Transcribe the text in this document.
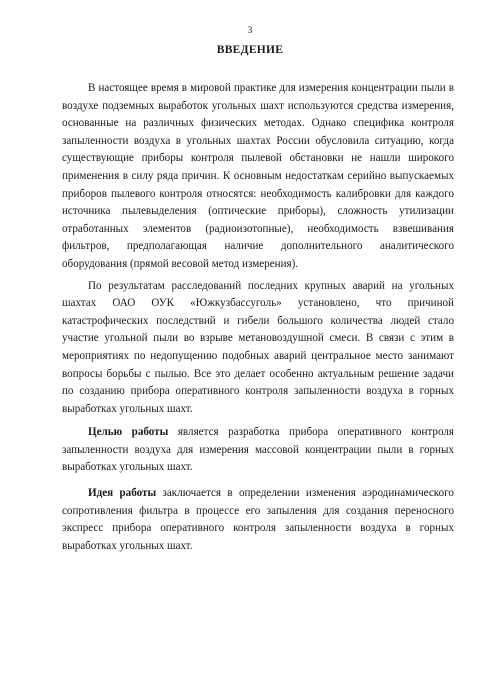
3
ВВЕДЕНИЕ

В настоящее время в мировой практике для измерения концентрации пыли в воздухе подземных выработок угольных шахт используются средства измерения, основанные на различных физических методах. Однако специфика контроля запыленности воздуха в угольных шахтах России обусловила ситуацию, когда существующие приборы контроля пылевой обстановки не нашли широкого применения в силу ряда причин. К основным недостаткам серийно выпускаемых приборов пылевого контроля относятся: необходимость калибровки для каждого источника пылевыделения (оптические приборы), сложность утилизации отработанных элементов (радиоизотопные), необходимость взвешивания фильтров, предполагающая наличие дополнительного аналитического оборудования (прямой весовой метод измерения).

По результатам расследований последних крупных аварий на угольных шахтах ОАО ОУК «Южкузбассуголь» установлено, что причиной катастрофических последствий и гибели большого количества людей стало участие угольной пыли во взрыве метановоздушной смеси. В связи с этим в мероприятиях по недопущению подобных аварий центральное место занимают вопросы борьбы с пылью. Все это делает особенно актуальным решение задачи по созданию прибора оперативного контроля запыленности воздуха в горных выработках угольных шахт.

Целью работы является разработка прибора оперативного контроля запыленности воздуха для измерения массовой концентрации пыли в горных выработках угольных шахт.

Идея работы заключается в определении изменения аэродинамического сопротивления фильтра в процессе его запыления для создания переносного экспресс прибора оперативного контроля запыленности воздуха в горных выработках угольных шахт.
